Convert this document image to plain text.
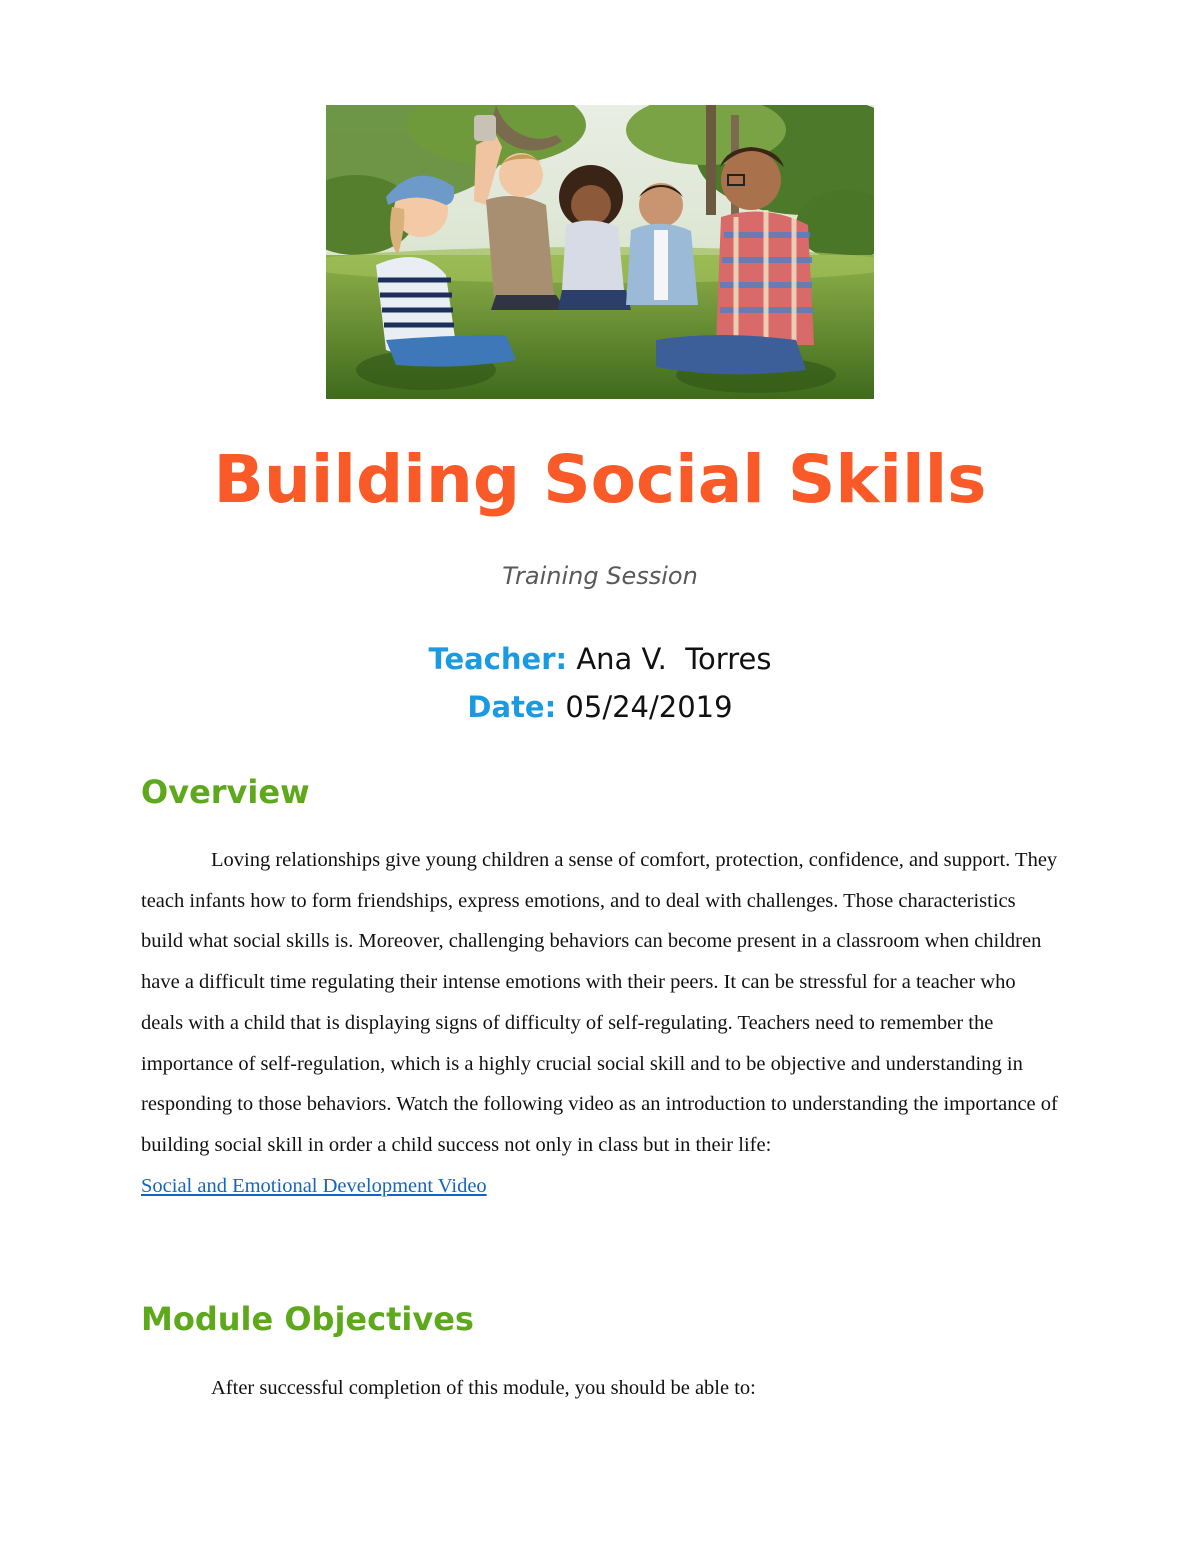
Building Social Skills
Training Session
Teacher: Ana V.  Torres
Date: 05/24/2019
Overview

Loving relationships give young children a sense of comfort, protection, confidence, and support. They teach infants how to form friendships, express emotions, and to deal with challenges. Those characteristics build what social skills is. Moreover, challenging behaviors can become present in a classroom when children have a difficult time regulating their intense emotions with their peers. It can be stressful for a teacher who deals with a child that is displaying signs of difficulty of self-regulating. Teachers need to remember the importance of self-regulation, which is a highly crucial social skill and to be objective and understanding in responding to those behaviors. Watch the following video as an introduction to understanding the importance of building social skill in order a child success not only in class but in their life:
Social and Emotional Development Video

Module Objectives
After successful completion of this module, you should be able to:
